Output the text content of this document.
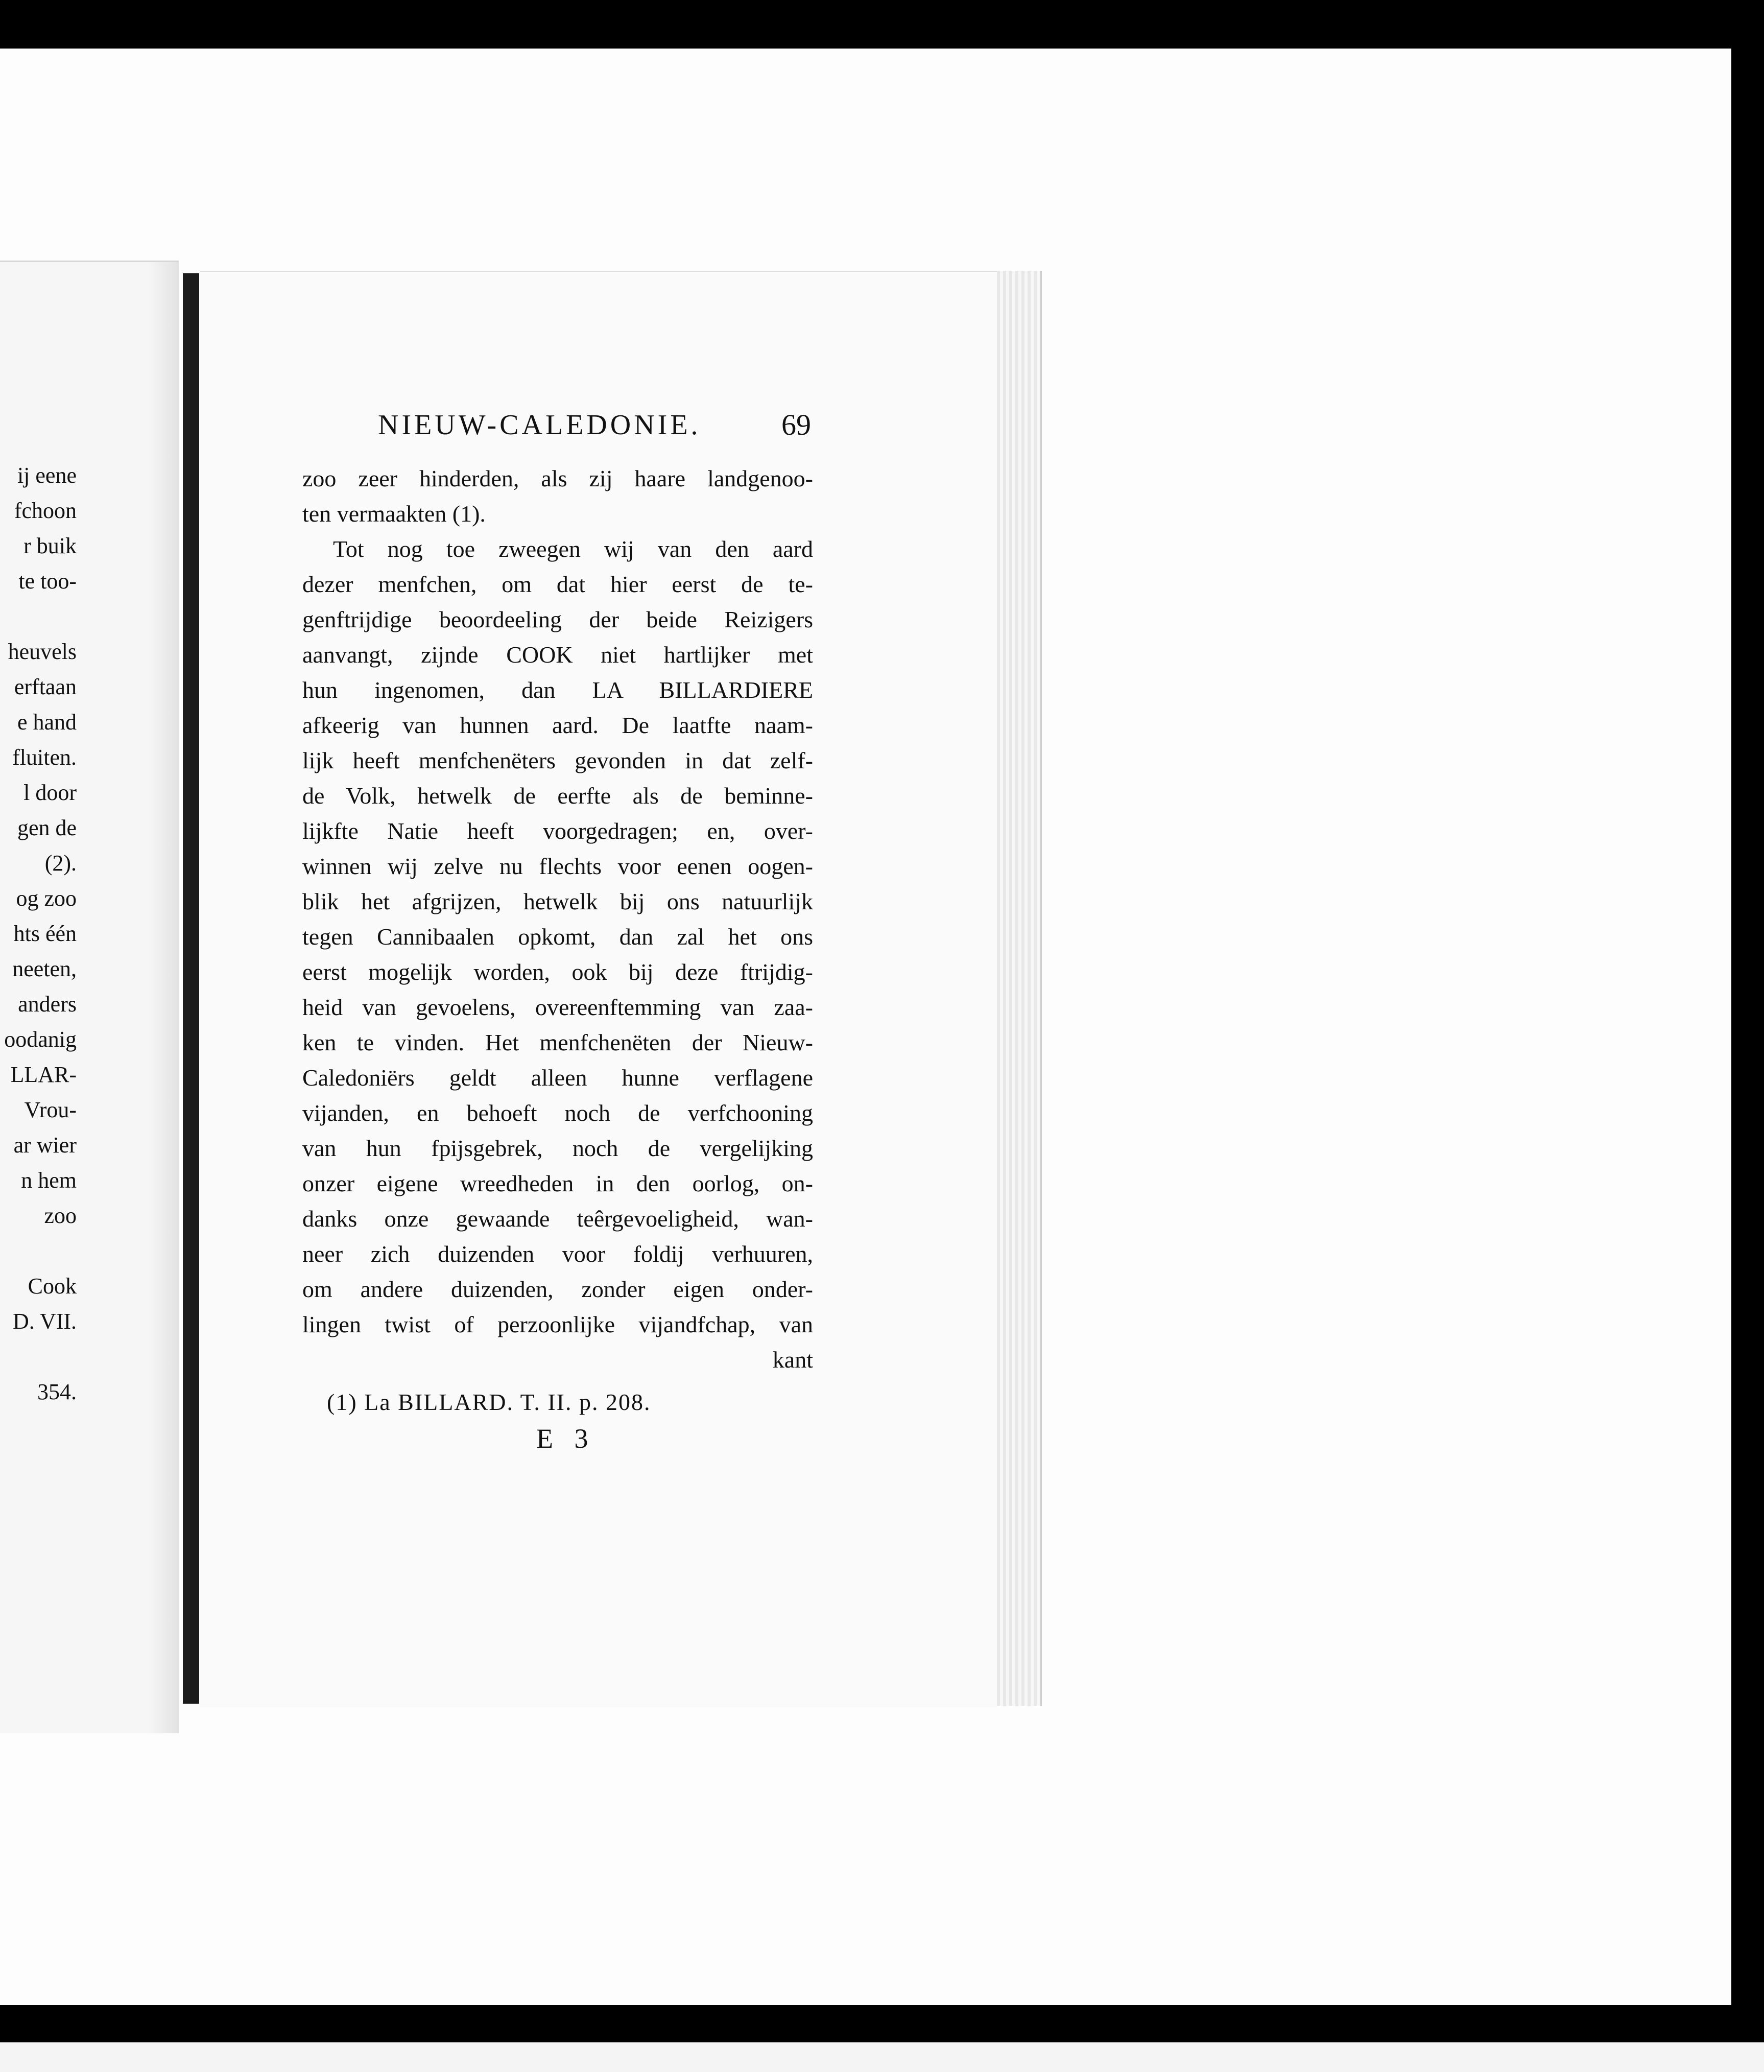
ij eene
fchoon
r buik
te too-
heuvels
erftaan
e hand
fluiten.
l door
gen de
(2).
og zoo
hts één
neeten,
anders
oodanig
LLAR-
Vrou-
ar wier
n hem
zoo
Cook
D. VII.
354.
NIEUW-CALEDONIE.	69
zoo zeer hinderden, als zij haare landgenoo-
ten vermaakten (1).
Tot nog toe zweegen wij van den aard
dezer menfchen, om dat hier eerst de te-
genftrijdige beoordeeling der beide Reizigers
aanvangt, zijnde COOK niet hartlijker met
hun ingenomen, dan LA BILLARDIERE
afkeerig van hunnen aard. De laatfte naam-
lijk heeft menfchenëters gevonden in dat zelf-
de Volk, hetwelk de eerfte als de beminne-
lijkfte Natie heeft voorgedragen; en, over-
winnen wij zelve nu flechts voor eenen oogen-
blik het afgrijzen, hetwelk bij ons natuurlijk
tegen Cannibaalen opkomt, dan zal het ons
eerst mogelijk worden, ook bij deze ftrijdig-
heid van gevoelens, overeenftemming van zaa-
ken te vinden. Het menfchenëten der Nieuw-
Caledoniërs geldt alleen hunne verflagene
vijanden, en behoeft noch de verfchooning
van hun fpijsgebrek, noch de vergelijking
onzer eigene wreedheden in den oorlog, on-
danks onze gewaande teêrgevoeligheid, wan-
neer zich duizenden voor foldij verhuuren,
om andere duizenden, zonder eigen onder-
lingen twist of perzoonlijke vijandfchap, van
kant
(1) La BILLARD. T. II. p. 208.
E 3
